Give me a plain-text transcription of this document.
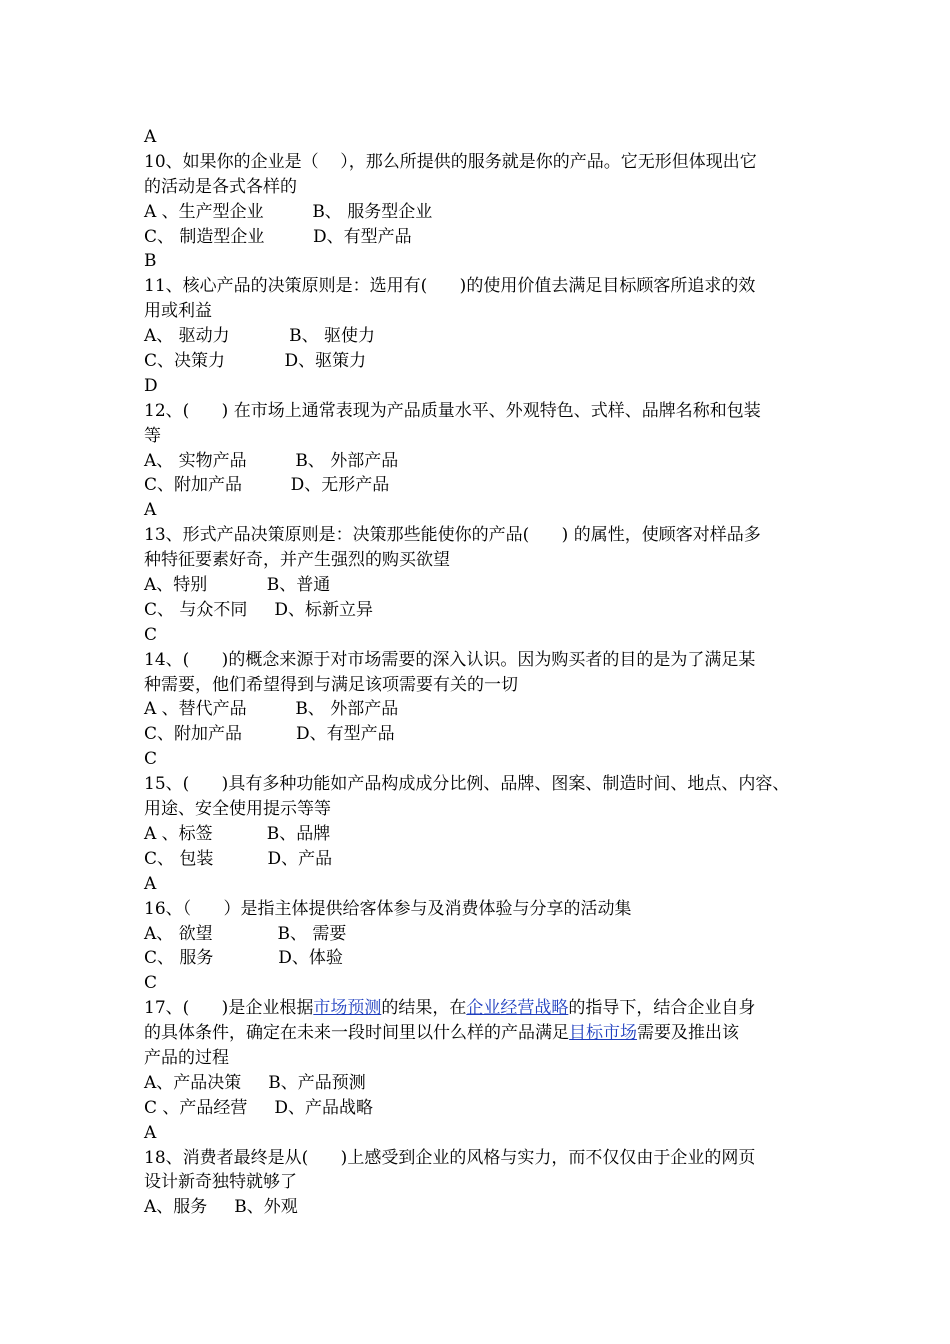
A
10、如果你的企业是（    ），那么所提供的服务就是你的产品。它无形但体现出它
的活动是各式各样的
A 、生产型企业         B、 服务型企业
C、 制造型企业         D、有型产品
B
11、核心产品的决策原则是：选用有(      )的使用价值去满足目标顾客所追求的效
用或利益
A、 驱动力           B、 驱使力
C、决策力           D、驱策力
D
12、(      ) 在市场上通常表现为产品质量水平、外观特色、式样、品牌名称和包装
等
A、 实物产品         B、 外部产品
C、附加产品         D、无形产品
A
13、形式产品决策原则是：决策那些能使你的产品(      ) 的属性，使顾客对样品多
种特征要素好奇，并产生强烈的购买欲望
A、特别           B、普通
C、 与众不同     D、标新立异
C
14、(      )的概念来源于对市场需要的深入认识。因为购买者的目的是为了满足某
种需要，他们希望得到与满足该项需要有关的一切
A 、替代产品         B、 外部产品
C、附加产品          D、有型产品
C
15、(      )具有多种功能如产品构成成分比例、品牌、图案、制造时间、地点、内容、
用途、安全使用提示等等
A 、标签          B、品牌
C、 包装          D、产品
A
16、（      ）是指主体提供给客体参与及消费体验与分享的活动集
A、 欲望            B、 需要
C、 服务            D、体验
C
17、(      )是企业根据市场预测的结果，在企业经营战略的指导下，结合企业自身
的具体条件，确定在未来一段时间里以什么样的产品满足目标市场需要及推出该
产品的过程
A、产品决策     B、产品预测
C 、产品经营     D、产品战略
A
18、消费者最终是从(      )上感受到企业的风格与实力，而不仅仅由于企业的网页
设计新奇独特就够了
A、服务     B、外观
